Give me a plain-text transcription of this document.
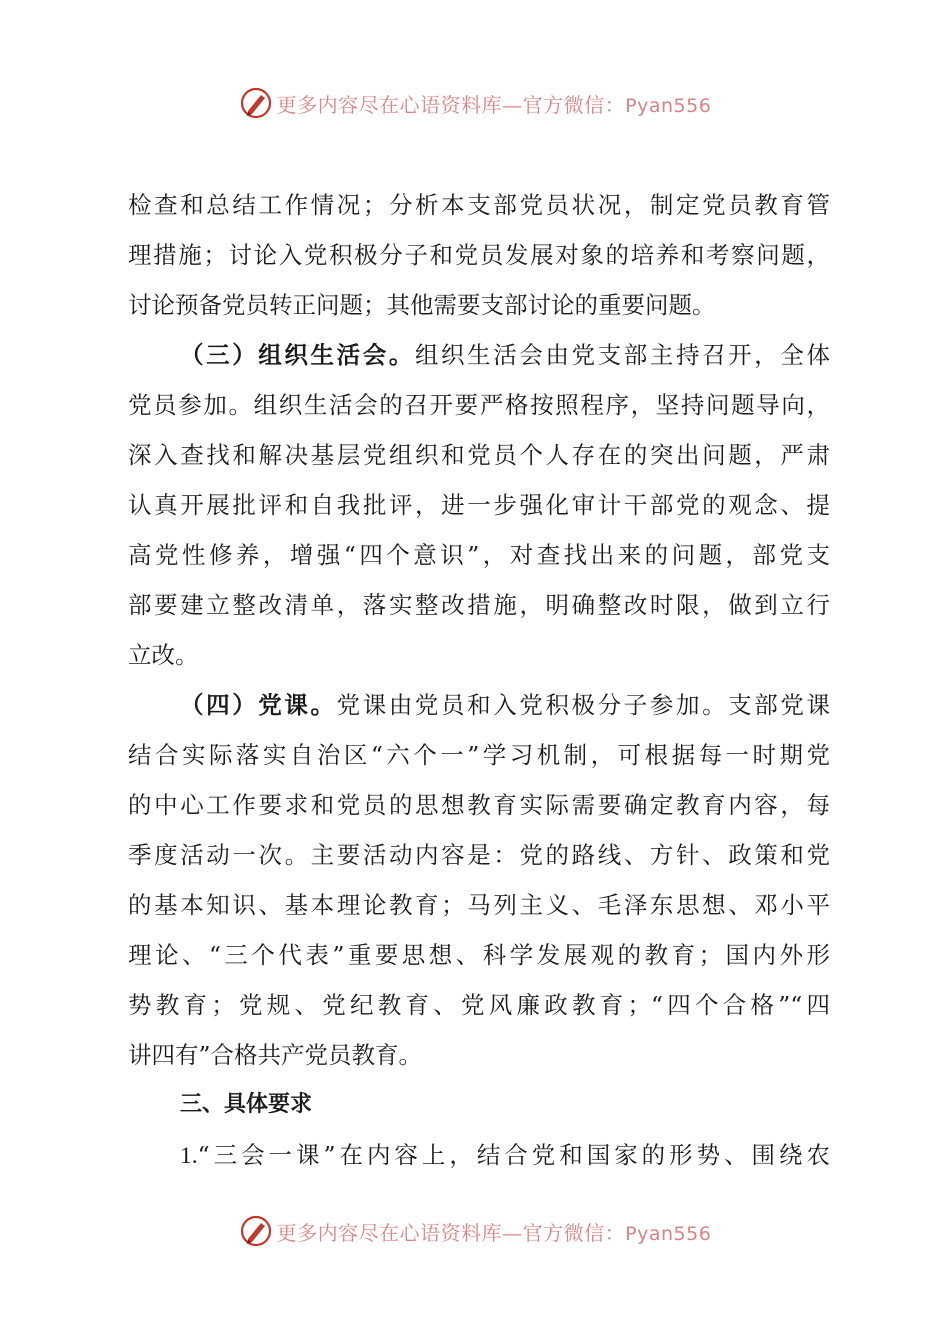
更多内容尽在心语资料库—官方微信：Pyan556
检查和总结工作情况；分析本支部党员状况，制定党员教育管
理措施；讨论入党积极分子和党员发展对象的培养和考察问题，
讨论预备党员转正问题；其他需要支部讨论的重要问题。
（三）组织生活会。组织生活会由党支部主持召开，全体
党员参加。组织生活会的召开要严格按照程序，坚持问题导向，
深入查找和解决基层党组织和党员个人存在的突出问题，严肃
认真开展批评和自我批评，进一步强化审计干部党的观念、提
高党性修养，增强“四个意识”，对查找出来的问题，部党支
部要建立整改清单，落实整改措施，明确整改时限，做到立行
立改。
（四）党课。党课由党员和入党积极分子参加。支部党课
结合实际落实自治区“六个一”学习机制，可根据每一时期党
的中心工作要求和党员的思想教育实际需要确定教育内容，每
季度活动一次。主要活动内容是：党的路线、方针、政策和党
的基本知识、基本理论教育；马列主义、毛泽东思想、邓小平
理论、“三个代表”重要思想、科学发展观的教育；国内外形
势教育；党规、党纪教育、党风廉政教育；“四个合格”“四
讲四有”合格共产党员教育。
三、具体要求
1.“三会一课”在内容上，结合党和国家的形势、围绕农
更多内容尽在心语资料库—官方微信：Pyan556
